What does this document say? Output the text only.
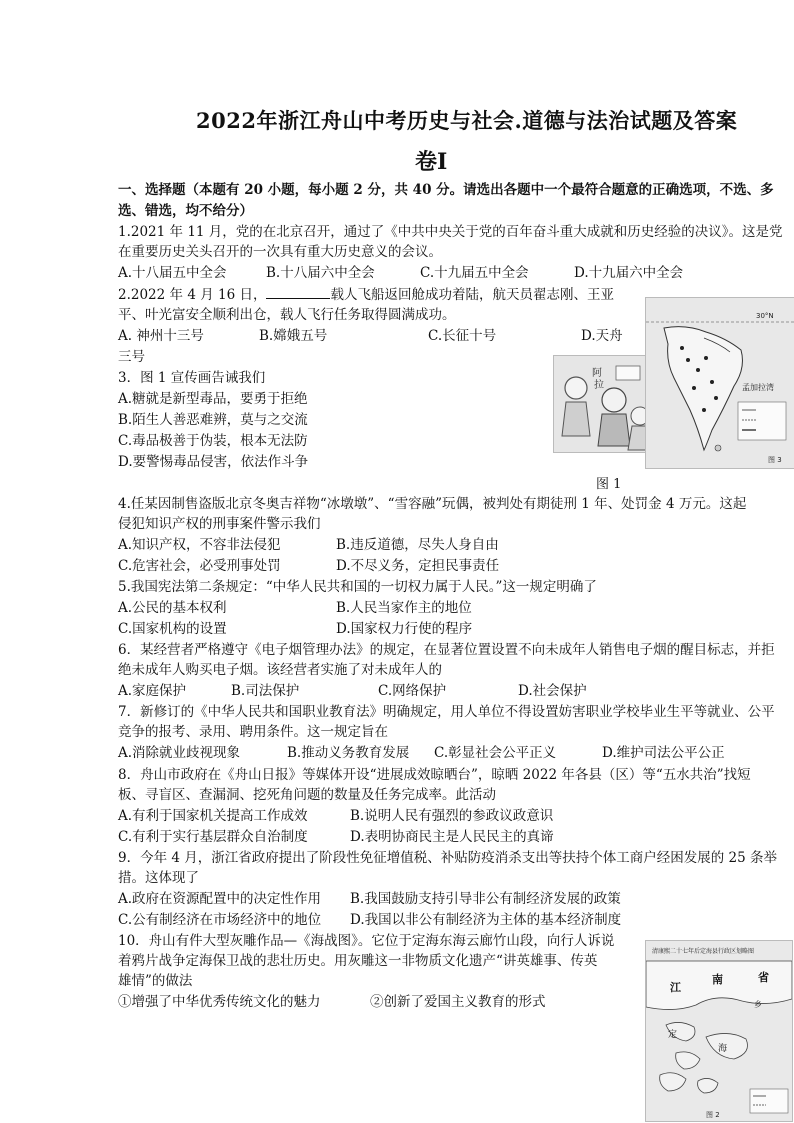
2022年浙江舟山中考历史与社会.道德与法治试题及答案
卷Ⅰ
一、选择题（本题有 20 小题，每小题 2 分，共 40 分。请选出各题中一个最符合题意的正确选项，不选、多选、错选，均不给分）
1.2021 年 11 月，党的在北京召开，通过了《中共中央关于党的百年奋斗重大成就和历史经验的决议》。这是党
在重要历史关头召开的一次具有重大历史意义的会议。
A.十八届五中全会	B.十八届六中全会	C.十九届五中全会	D.十九届六中全会
2.2022 年 4 月 16 日，	载人飞船返回舱成功着陆，航天员翟志刚、王亚
平、叶光富安全顺利出仓，载人飞行任务取得圆满成功。
A. 神州十三号	B.嫦娥五号	C.长征十号	D.天舟
三号
3．图 1 宣传画告诫我们
A.糖就是新型毒品，要勇于拒绝
B.陌生人善恶难辨，莫与之交流
C.毒品极善于伪装，根本无法防
D.要警惕毒品侵害，依法作斗争
阿
拉
图 1
30°N
孟加拉湾
图 3
4.任某因制售盗版北京冬奥吉祥物“冰墩墩”、“雪容融”玩偶，被判处有期徒刑 1 年、处罚金 4 万元。这起
侵犯知识产权的刑事案件警示我们
A.知识产权，不容非法侵犯	B.违反道德，尽失人身自由
C.危害社会，必受刑事处罚	D.不尽义务，定担民事责任
5.我国宪法第二条规定：“中华人民共和国的一切权力属于人民。”这一规定明确了
A.公民的基本权利	B.人民当家作主的地位
C.国家机构的设置	D.国家权力行使的程序
6．某经营者严格遵守《电子烟管理办法》的规定，在显著位置设置不向未成年人销售电子烟的醒目标志，并拒
绝未成年人购买电子烟。该经营者实施了对未成年人的
A.家庭保护	B.司法保护	C.网络保护	D.社会保护
7．新修订的《中华人民共和国职业教育法》明确规定，用人单位不得设置妨害职业学校毕业生平等就业、公平
竞争的报考、录用、聘用条件。这一规定旨在
A.消除就业歧视现象	B.推动义务教育发展 C.彰显社会公平正义	D.维护司法公平公正
8．舟山市政府在《舟山日报》等媒体开设“进展成效晾晒台”，晾晒 2022 年各县（区）等“五水共治”找短
板、寻盲区、查漏洞、挖死角问题的数量及任务完成率。此活动
A.有利于国家机关提高工作成效	B.说明人民有强烈的参政议政意识
C.有利于实行基层群众自治制度	D.表明协商民主是人民民主的真谛
9．今年 4 月，浙江省政府提出了阶段性免征增值税、补贴防疫消杀支出等扶持个体工商户经困发展的 25 条举
措。这体现了
A.政府在资源配置中的决定性作用 B.我国鼓励支持引导非公有制经济发展的政策
C.公有制经济在市场经济中的地位 D.我国以非公有制经济为主体的基本经济制度
10．舟山有件大型灰雕作品—《海战图》。它位于定海东海云廊竹山段，向行人诉说
着鸦片战争定海保卫战的悲壮历史。用灰雕这一非物质文化遗产“讲英雄事、传英
雄情”的做法
①增强了中华优秀传统文化的魅力	②创新了爱国主义教育的形式
清康熙二十七年后定海县行政区划略图
江
南	省
定
海
乡
图 2
